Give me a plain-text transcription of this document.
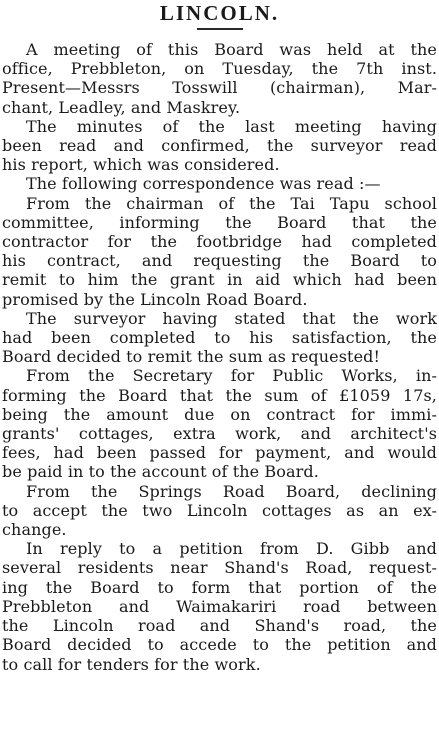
LINCOLN.

A meeting of this Board was held at the
office, Prebbleton, on Tuesday, the 7th inst.
Present—Messrs Tosswill (chairman), Mar-
chant, Leadley, and Maskrey.

The minutes of the last meeting having
been read and confirmed, the surveyor read
his report, which was considered.

The following correspondence was read :—

From the chairman of the Tai Tapu school
committee, informing the Board that the
contractor for the footbridge had completed
his contract, and requesting the Board to
remit to him the grant in aid which had been
promised by the Lincoln Road Board.

The surveyor having stated that the work
had been completed to his satisfaction, the
Board decided to remit the sum as requested!

From the Secretary for Public Works, in-
forming the Board that the sum of £1059 17s,
being the amount due on contract for immi-
grants' cottages, extra work, and architect's
fees, had been passed for payment, and would
be paid in to the account of the Board.

From the Springs Road Board, declining
to accept the two Lincoln cottages as an ex-
change.

In reply to a petition from D. Gibb and
several residents near Shand's Road, request-
ing the Board to form that portion of the
Prebbleton and Waimakariri road between
the Lincoln road and Shand's road, the
Board decided to accede to the petition and
to call for tenders for the work.
